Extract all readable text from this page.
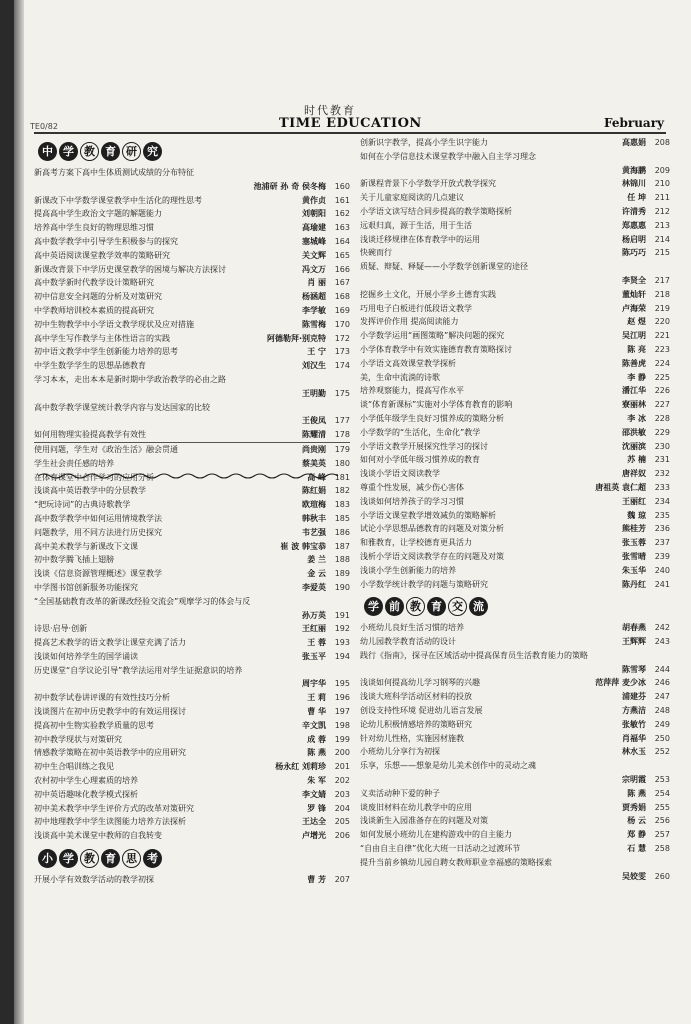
TE0/82
时代教育
TIME EDUCATION	February
中 学 教 育 研 究
新高考方案下高中生体质测试成绩的分布特征
池浦研 孙 奇 侯冬梅	160
新课改下中学数学课堂教学中生活化的理性思考	黄作贞	161
提高高中学生政治文字题的解题能力	刘朝阳	162
培养高中学生良好的物理思维习惯	高瑜建	163
高中数学教学中引导学生积极参与的探究	塞城峰	164
高中英语阅读课堂教学效率的策略研究	关文辉	165
新课改背景下中学历史课堂教学的困境与解决方法探讨	冯文万	166
高中数学新时代教学设计策略研究	肖 丽	167
初中信息安全问题的分析及对策研究	杨涵超	168
中学教师培训校本素质的提高研究	李学敏	169
初中生物教学中小学语文教学现状及应对措施	陈雪梅	170
高中学生写作教学与主体性语言的实践	阿德勒拜·别克特	172
初中语文教学中学生创新能力培养的思考	王 宁	173
中学生数学学生的思想品德教育	刘汉生	174
学习本本，走出本本是新时期中学政治教学的必由之路
王明勤	175
高中数学教学课堂统计教学内容与发达国家的比较
王俊凤	177
如何用物理实验提高教学有效性	陈耀清	178
使用问题，学生对《政治生活》融会贯通	尚贵刚	179
学生社会责任感的培养	蔡美英	180
在体育课堂中合作学习的应用分析	高 峰	181
浅谈高中英语教学中的分层教学	陈红娟	182
“把玩诗词”的古典诗歌教学	欧瑄梅	183
高中数学教学中如何运用情境教学法	韩秋丰	185
问题教学，用不同方法进行历史探究	韦艺强	186
高中美术教学与新课改下文课	崔 波 韩宝恭	187
初中数学腾飞插上翅膀	姜 兰	188
浅谈《信息资源管理概述》课堂教学	金 云	189
中学图书馆创新服务功能探究	李爱英	190
“全国基础教育改革的新课改经验交流会”观摩学习的体会与反
孙万英	191
诗思·启导·创新	王红丽	192
提高艺术教学的语文教学让课堂充满了活力	王 蓉	193
浅谈如何培养学生的国学诵读	张玉平	194
历史课堂“自学议论引导”教学法运用对学生证据意识的培养
周宇华	195
初中数学试卷讲评课的有效性技巧分析	王 莉	196
浅谈图片在初中历史教学中的有效运用探讨	曹 华	197
提高初中生物实验教学质量的思考	辛文凯	198
初中教学现状与对策研究	成 蓉	199
情感教学策略在初中英语教学中的应用研究	陈 燕	200
初中生合唱训练之我见	杨永红 刘莉珍	201
农村初中学生心理素质的培养	朱 军	202
初中英语趣味化教学模式探析	李文婧	203
初中美术教学中学生评价方式的改革对策研究	罗 锋	204
初中地理教学中学生读图能力培养方法探析	王达全	205
浅谈高中美术课堂中教师的自我转变	卢增光	206
小 学 教 育 思 考
开展小学有效数学活动的教学初探	曹 芳	207
创新识字教学，提高小学生识字能力	高惠娟	208
如何在小学信息技术课堂教学中融入自主学习理念
黄海鹏	209
新课程背景下小学数学开放式教学探究	林锦川	210
关于儿童家庭阅读的几点建议	任 坤	211
小学语文读写结合同步提高的教学策略探析	许清秀	212
远艰归真，源于生活，用于生活	郑惠惠	213
浅谈迁移规律在体育教学中的运用	杨启明	214
快碗而行	陈巧巧	215
质疑、辩疑、释疑——小学数学创新课堂的途径
李贤全	217
挖掘乡土文化，开展小学乡土德育实践	董灿轩	218
巧用电子白板进行低段语文教学	卢海荣	219
发挥评价作用 提高阅读能力	赵 煜	220
小学数学运用“画图策略”解决问题的探究	吴江明	221
小学体育教学中有效实施德育教育策略探讨	陈 亮	223
小学语文高效课堂教学探析	陈善虎	224
美，生命中流淌的诗歌	李 静	225
培养观察能力，提高写作水平	潘江华	226
谈“体育新课标”实施对小学体育教育的影响	寮丽林	227
小学低年级学生良好习惯养成的策略分析	李 冰	228
小学数学的“生活化，生命化”教学	邵洪敏	229
小学语文教学开展探究性学习的探讨	沈丽滨	230
如何对小学低年级习惯养成的教育	苏 楠	231
浅谈小学语文阅读教学	唐祥奴	232
尊重个性发展，减少伤心害体	唐祖英 袁仁超	233
浅谈如何培养孩子的学习习惯	王丽红	234
小学语文课堂教学增效减负的策略解析	魏 琼	235
试论小学思想品德教育的问题及对策分析	熊桂芳	236
和雅教育，让学校德育更具活力	张玉蓉	237
浅析小学语文阅读教学存在的问题及对策	张雪晴	239
浅谈小学生创新能力的培养	朱玉华	240
小学数学统计教学的问题与策略研究	陈丹红	241
学 前 教 育 交 流
小班幼儿良好生活习惯的培养	胡春燕	242
幼儿园教学教育活动的设计	王辉辉	243
践行《指南》，探寻在区域活动中提高保育员生活教育能力的策略
陈雪琴	244
浅谈如何提高幼儿学习钢琴的兴趣	范萍萍 麦少冰	246
浅谈大班科学活动区材料的投放	浦建芬	247
创设支持性环境 促进幼儿语言发展	方燕洁	248
论幼儿积极情感培养的策略研究	张敏竹	249
针对幼儿性格，实施因材施教	肖福华	250
小班幼儿分享行为初探	林水玉	252
乐享，乐想——想象是幼儿美术创作中的灵动之魂
宗明霞	253
义卖活动种下爱的种子	陈 燕	254
谈废旧材料在幼儿教学中的应用	贾秀娟	255
浅谈新生入园准备存在的问题及对策	杨 云	256
如何发展小班幼儿在建构游戏中的自主能力	郑 静	257
“自由自主自律”优化大班一日活动之过渡环节	石 慧	258
提升当前乡镇幼儿园自聘女教师职业幸福感的策略探索
吴姣雯	260
